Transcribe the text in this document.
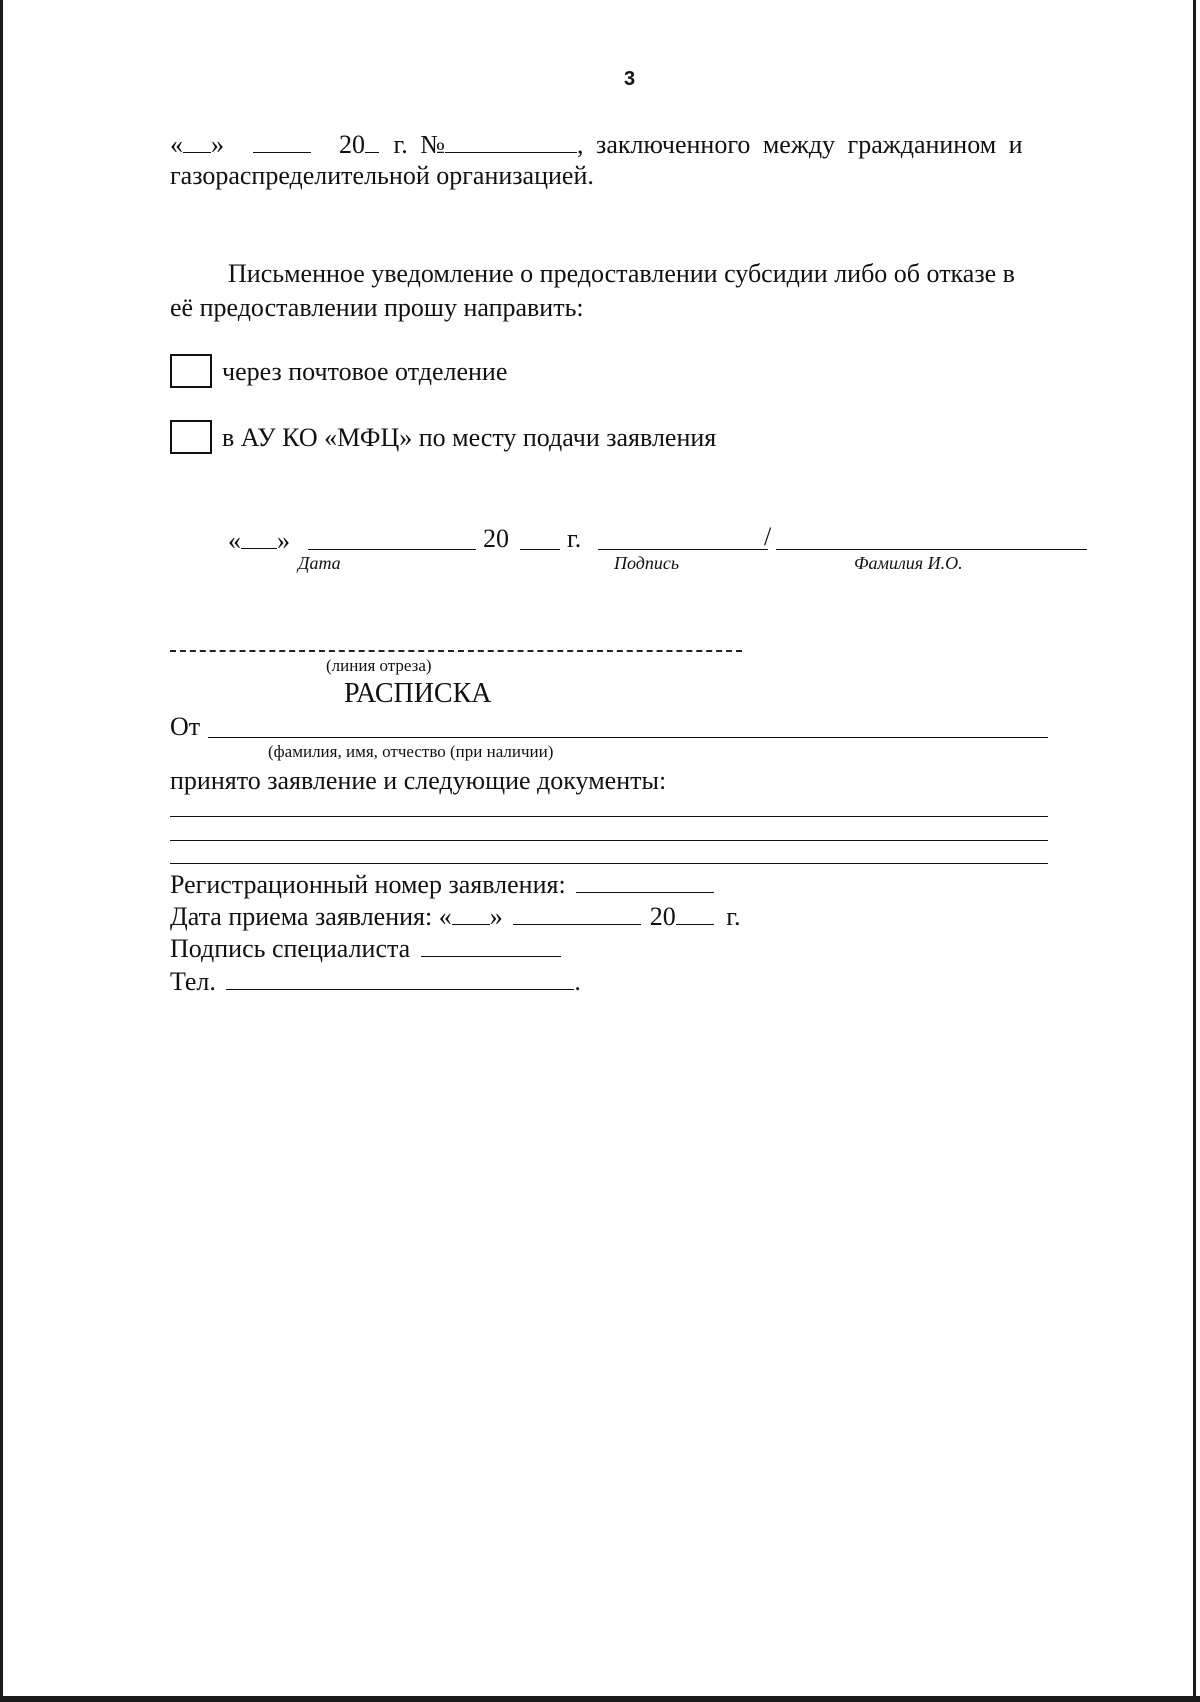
3
« »	20 г. №	, заключенного между гражданином и
газораспределительной организацией.
Письменное уведомление о предоставлении субсидии либо об отказе в
её предоставлении прошу направить:
через почтовое отделение
в АУ КО «МФЦ» по месту подачи заявления
« »	20 г.	/
Дата	Подпись	Фамилия И.О.
(линия отреза)
РАСПИСКА
От
(фамилия, имя, отчество (при наличии)
принято заявление и следующие документы:
Регистрационный номер заявления:
Дата приема заявления: « »	20 г.
Подпись специалиста
Тел.	.
